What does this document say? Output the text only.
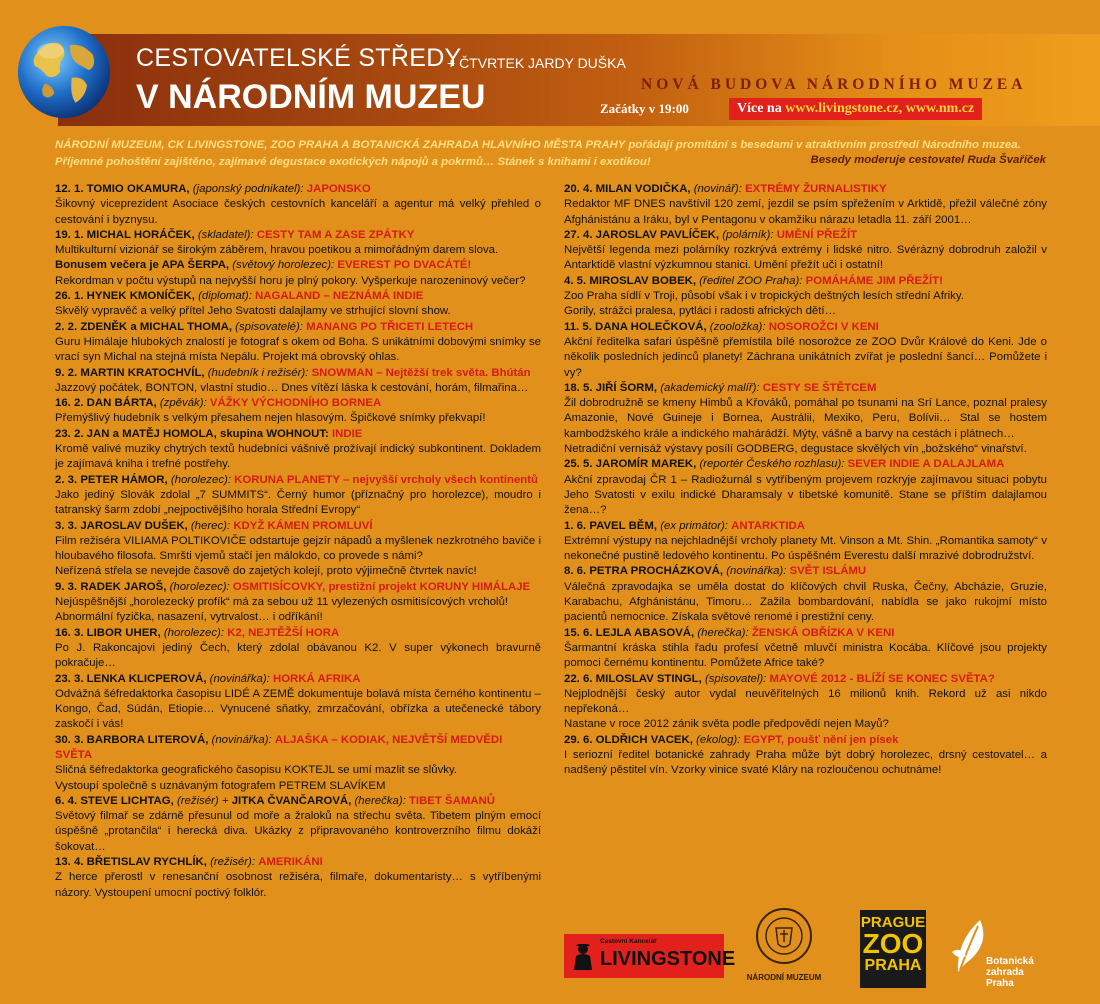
CESTOVATELSKÉ STŘEDY
V NÁRODNÍM MUZEU
+ ČTVRTEK JARDY DUŠKA
NOVÁ BUDOVA NÁRODNÍHO MUZEA
Začátky v 19:00	Více na www.livingstone.cz, www.nm.cz
NÁRODNÍ MUZEUM, CK LIVINGSTONE, ZOO PRAHA A BOTANICKÁ ZAHRADA HLAVNÍHO MĚSTA PRAHY pořádají promítání s besedami v atraktivním prostředí Národního muzea. Příjemné pohoštění zajištěno, zajímavé degustace exotických nápojů a pokrmů… Stánek s knihami i exotikou!	Besedy moderuje cestovatel Ruda Švaříček
12. 1. TOMIO OKAMURA, (japonský podnikatel): JAPONSKO
Šikovný viceprezident Asociace českých cestovních kanceláří a agentur má velký přehled o cestování i byznysu.
19. 1. MICHAL HORÁČEK, (skladatel): CESTY TAM A ZASE ZPÁTKY
Multikulturní vizionář se širokým záběrem, hravou poetikou a mimořádným darem slova.
Bonusem večera je APA ŠERPA, (světový horolezec): EVEREST PO DVACÁTÉ!
Rekordman v počtu výstupů na nejvyšší horu je plný pokory. Vyšperkuje narozeninový večer?
26. 1. HYNEK KMONÍČEK, (diplomat): NAGALAND – NEZNÁMÁ INDIE
Skvělý vypravěč a velký přítel Jeho Svatosti dalajlamy ve strhující slovní show.
2. 2. ZDENĚK a MICHAL THOMA, (spisovatelé): MANANG PO TŘICETI LETECH
Guru Himálaje hlubokých znalostí je fotograf s okem od Boha. S unikátními dobovými snímky se vrací syn Michal na stejná místa Nepálu. Projekt má obrovský ohlas.
9. 2. MARTIN KRATOCHVÍL, (hudebník i režisér): SNOWMAN – Nejtěžší trek světa. Bhútán
Jazzový počátek, BONTON, vlastní studio… Dnes vítězí láska k cestování, horám, filmařina…
16. 2. DAN BÁRTA, (zpěvák): VÁŽKY VÝCHODNÍHO BORNEA
Přemýšlivý hudebník s velkým přesahem nejen hlasovým. Špičkové snímky překvapí!
23. 2. JAN a MATĚJ HOMOLA, skupina WOHNOUT: INDIE
Kromě valivé muziky chytrých textů hudebníci vášnivě prožívají indický subkontinent. Dokladem je zajímavá kniha i trefné postřehy.
2. 3. PETER HÁMOR, (horolezec): KORUNA PLANETY – nejvyšší vrcholy všech kontinentů
Jako jediný Slovák zdolal „7 SUMMITS“. Černý humor (příznačný pro horolezce), moudro i tatranský šarm zdobí „nejpoctivějšího horala Střední Evropy“
3. 3. JAROSLAV DUŠEK, (herec): KDYŽ KÁMEN PROMLUVÍ
Film režiséra VILIAMA POLTIKOVIČE odstartuje gejzír nápadů a myšlenek nezkrotného baviče i hloubavého filosofa. Smršti vjemů stačí jen málokdo, co provede s námi?
Neřízená střela se nevejde časově do zajetých kolejí, proto výjimečně čtvrtek navíc!
9. 3. RADEK JAROŠ, (horolezec): OSMITISÍCOVKY, prestižní projekt KORUNY HIMÁLAJE
Nejúspěšnější „horolezecký profík“ má za sebou už 11 vylezených osmitisícových vrcholů!
Abnormální fyzička, nasazení, vytrvalost… i odříkání!
16. 3. LIBOR UHER, (horolezec): K2, NEJTĚŽŠÍ HORA
Po J. Rakoncajovi jediný Čech, který zdolal obávanou K2. V super výkonech bravurně pokračuje…
23. 3. LENKA KLICPEROVÁ, (novinářka): HORKÁ AFRIKA
Odvážná šéfredaktorka časopisu LIDÉ A ZEMĚ dokumentuje bolavá místa černého kontinentu – Kongo, Čad, Súdán, Etiopie… Vynucené sňatky, zmrzačování, obřízka a utečenecké tábory zaskočí i vás!
30. 3. BARBORA LITEROVÁ, (novinářka): ALJAŠKA – KODIAK, NEJVĚTŠÍ MEDVĚDI SVĚTA
Sličná šéfredaktorka geografického časopisu KOKTEJL se umí mazlit se slůvky.
Vystoupí společně s uznávaným fotografem PETREM SLAVÍKEM
6. 4. STEVE LICHTAG, (režisér) + JITKA ČVANČAROVÁ, (herečka): TIBET ŠAMANŮ
Světový filmař se zdárně přesunul od moře a žraloků na střechu světa. Tibetem plným emocí úspěšně „protančila“ i herecká diva. Ukázky z připravovaného kontroverzního filmu dokáží šokovat…
13. 4. BŘETISLAV RYCHLÍK, (režisér): AMERIKÁNI
Z herce přerostl v renesanční osobnost režiséra, filmaře, dokumentaristy… s vytříbenými názory. Vystoupení umocní poctivý folklór.
20. 4. MILAN VODIČKA, (novinář): EXTRÉMY ŽURNALISTIKY
Redaktor MF DNES navštívil 120 zemí, jezdil se psím spřežením v Arktidě, přežil válečné zóny Afghánistánu a Iráku, byl v Pentagonu v okamžiku nárazu letadla 11. září 2001…
27. 4. JAROSLAV PAVLÍČEK, (polárník): UMĚNÍ PŘEŽÍT
Největší legenda mezi polárníky rozkrývá extrémy i lidské nitro. Svérázný dobrodruh založil v Antarktidě vlastní výzkumnou stanici. Umění přežít uči i ostatní!
4. 5. MIROSLAV BOBEK, (ředitel ZOO Praha): POMÁHÁME JIM PŘEŽÍT!
Zoo Praha sídlí v Troji, působí však i v tropických deštných lesích střední Afriky.
Gorily, strážci pralesa, pytláci i radosti afrických dětí…
11. 5. DANA HOLEČKOVÁ, (zooložka): NOSOROŽCI V KENI
Akční ředitelka safari úspěšně přemístila bílé nosorožce ze ZOO Dvůr Králové do Keni. Jde o několik posledních jedinců planety! Záchrana unikátních zvířat je poslední šancí… Pomůžete i vy?
18. 5. JIŘÍ ŠORM, (akademický malíř): CESTY SE ŠTĚTCEM
Žil dobrodružně se kmeny Himbů a Křováků, pomáhal po tsunami na Srí Lance, poznal pralesy Amazonie, Nové Guineje i Bornea, Austrálii, Mexiko, Peru, Bolívii… Stal se hostem kambodžského krále a indického mahárádží. Mýty, vášně a barvy na cestách i plátnech…
Netradiční vernisáž výstavy posílí GODBERG, degustace skvělých vín „božského“ vinařství.
25. 5. JAROMÍR MAREK, (reportér Českého rozhlasu): SEVER INDIE A DALAJLAMA
Akční zpravodaj ČR 1 – Radiožurnál s vytříbeným projevem rozkryje zajímavou situaci pobytu Jeho Svatosti v exilu indické Dharamsaly v tibetské komunitě. Stane se příštím dalajlamou žena…?
1. 6. PAVEL BĚM, (ex primátor): ANTARKTIDA
Extrémní výstupy na nejchladnější vrcholy planety Mt. Vinson a Mt. Shin. „Romantika samoty“ v nekonečné pustině ledového kontinentu. Po úspěšném Everestu další mrazivé dobrodružství.
8. 6. PETRA PROCHÁZKOVÁ, (novinářka): SVĚT ISLÁMU
Válečná zpravodajka se uměla dostat do klíčových chvil Ruska, Čečny, Abcházie, Gruzie, Karabachu, Afghánistánu, Timoru… Zažila bombardování, nabídla se jako rukojmí místo pacientů nemocnice. Získala světové renomé i prestižní ceny.
15. 6. LEJLA ABASOVÁ, (herečka): ŽENSKÁ OBŘÍZKA V KENI
Šarmantní kráska stihla řadu profesí včetně mluvčí ministra Kocába. Klíčové jsou projekty pomoci černému kontinentu. Pomůžete Africe také?
22. 6. MILOSLAV STINGL, (spisovatel): MAYOVÉ 2012 - BLÍŽÍ SE KONEC SVĚTA?
Nejplodnější český autor vydal neuvěřitelných 16 milionů knih. Rekord už asi nikdo nepřekoná…
Nastane v roce 2012 zánik světa podle předpovědí nejen Mayů?
29. 6. OLDŘICH VACEK, (ekolog): EGYPT, poušť nění jen písek
I seriozní ředitel botanické zahrady Praha může být dobrý horolezec, drsný cestovatel… a nadšený pěstitel vín. Vzorky vinice svaté Kláry na rozloučenou ochutnáme!
Cestovní Kancelář
LIVINGSTONE
NÁRODNÍ MUZEUM
PRAGUE
ZOO
PRAHA	Botanická
zahrada
Praha
